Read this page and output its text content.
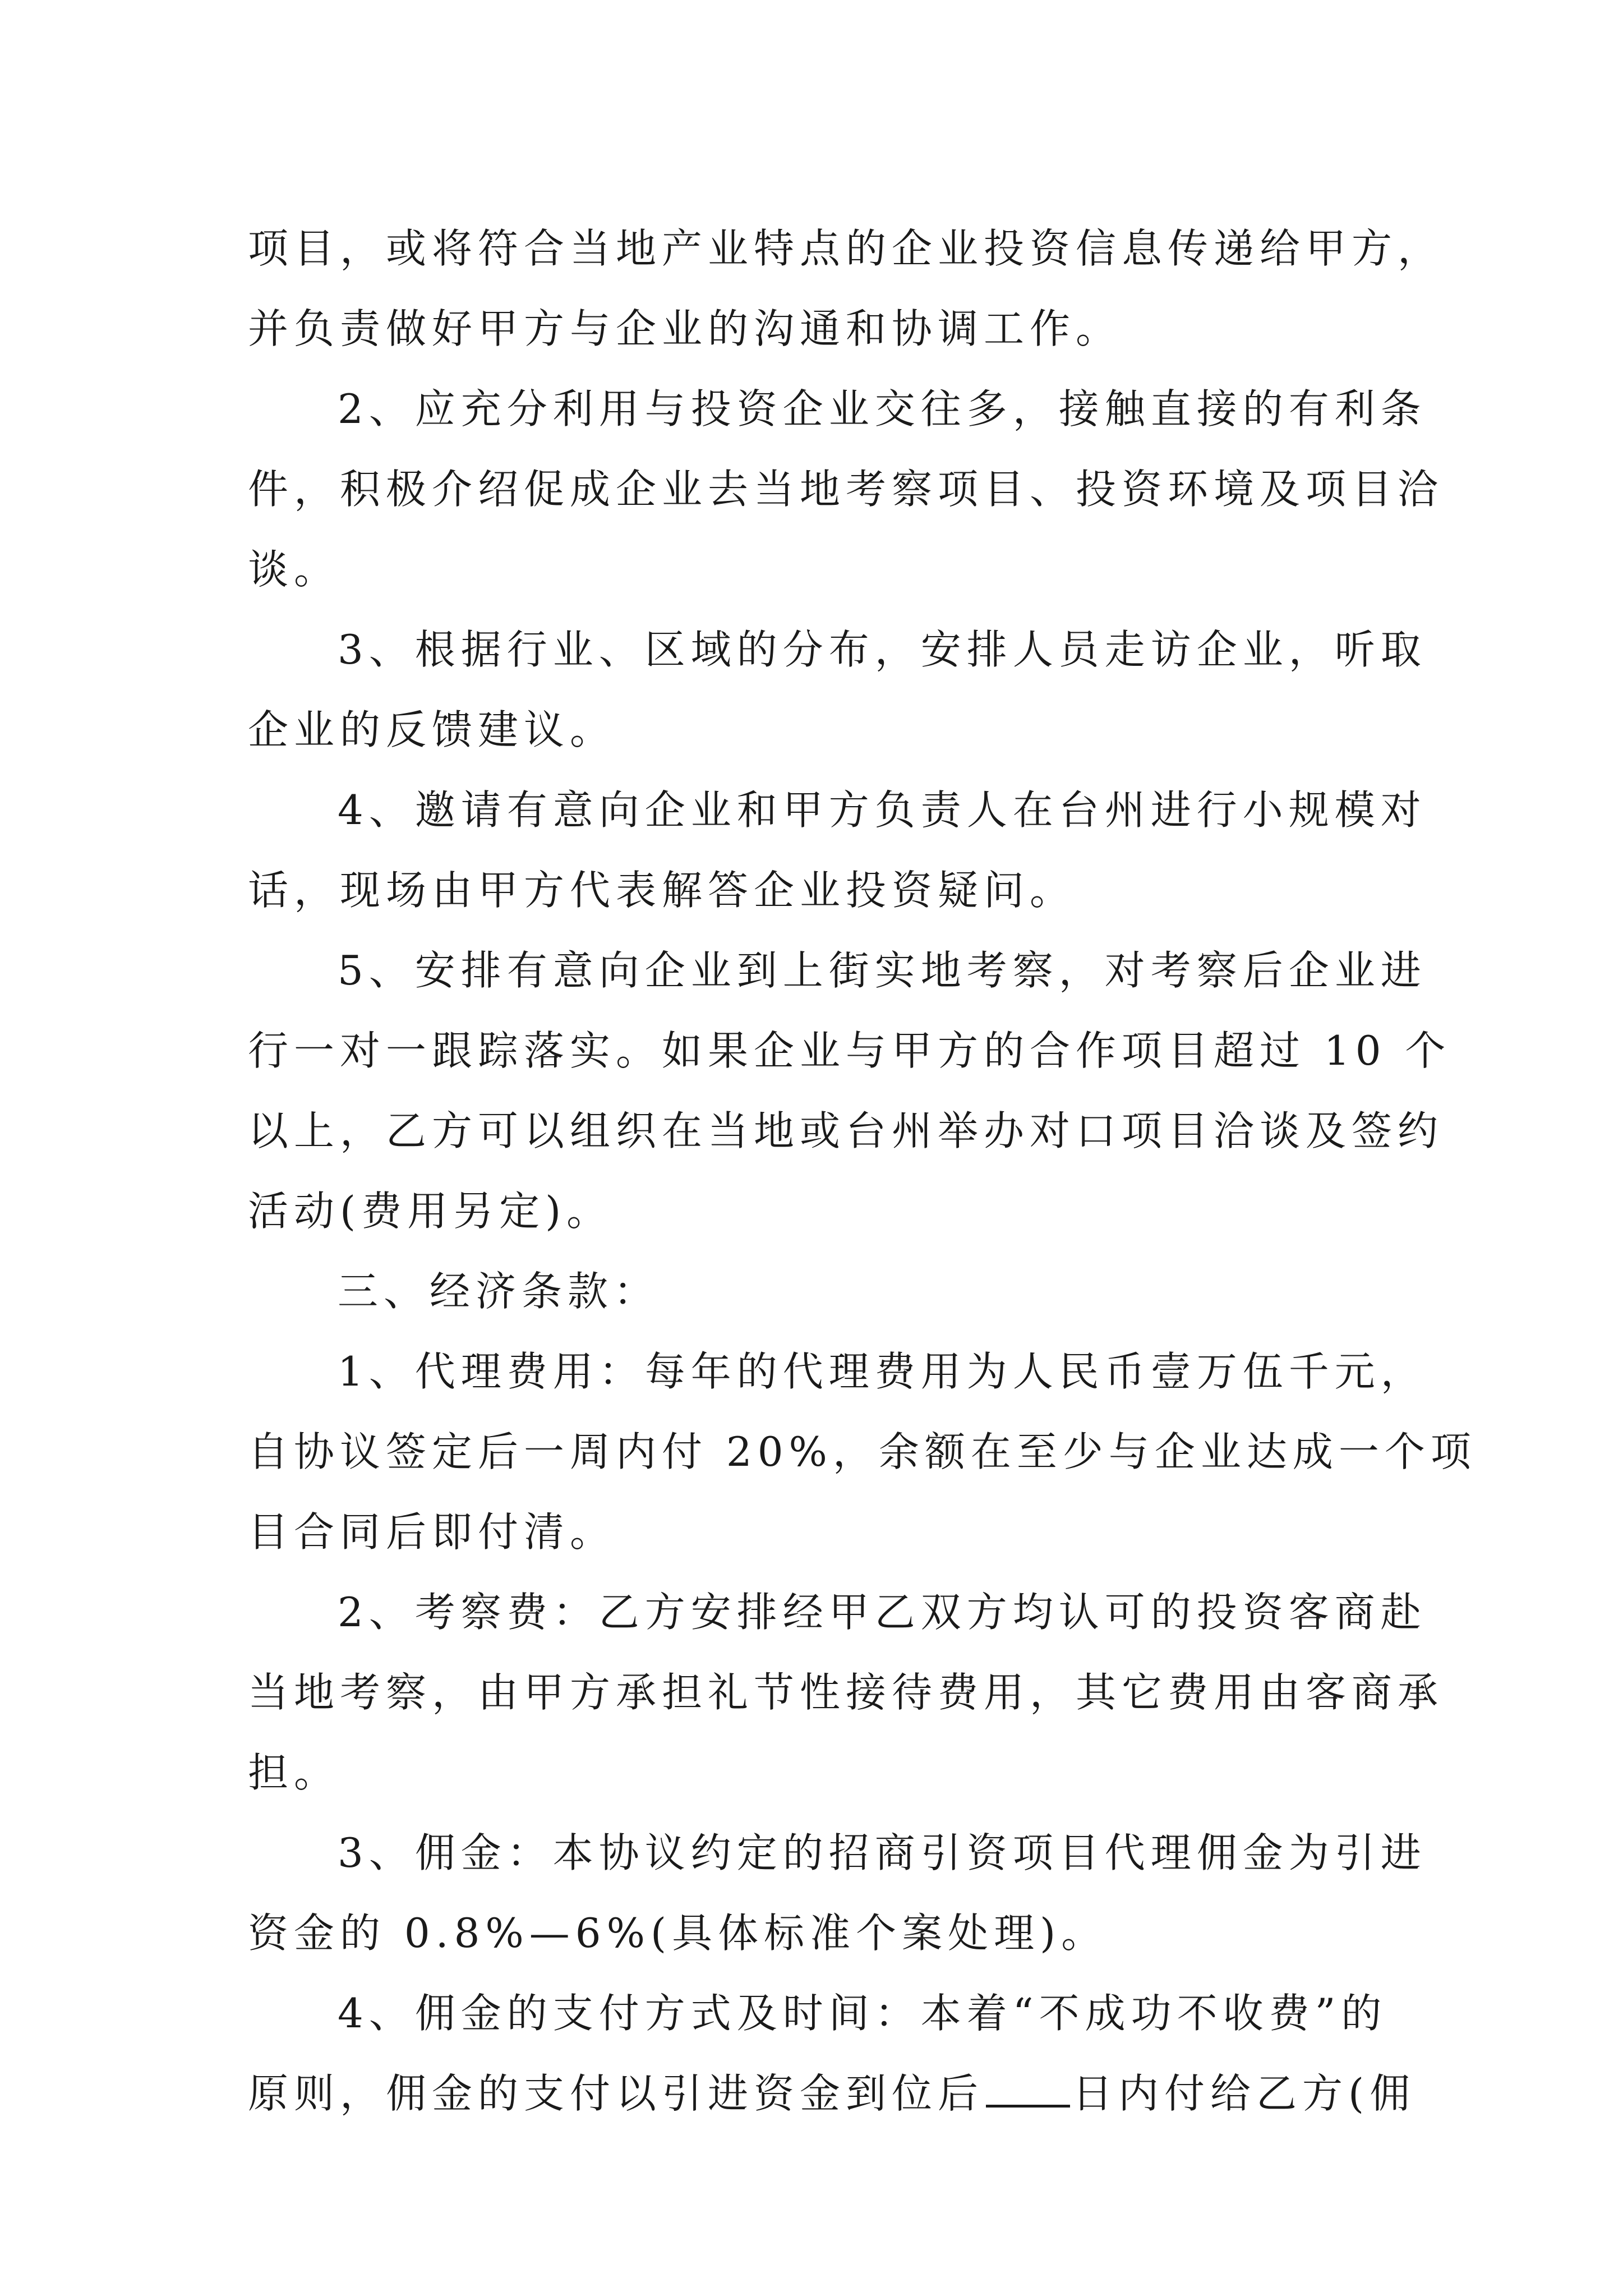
项目，或将符合当地产业特点的企业投资信息传递给甲方，
并负责做好甲方与企业的沟通和协调工作。
2、应充分利用与投资企业交往多，接触直接的有利条
件，积极介绍促成企业去当地考察项目、投资环境及项目洽
谈。
3、根据行业、区域的分布，安排人员走访企业，听取
企业的反馈建议。
4、邀请有意向企业和甲方负责人在台州进行小规模对
话，现场由甲方代表解答企业投资疑问。
5、安排有意向企业到上街实地考察，对考察后企业进
行一对一跟踪落实。如果企业与甲方的合作项目超过 10 个
以上，乙方可以组织在当地或台州举办对口项目洽谈及签约
活动(费用另定)。
三、经济条款：
1、代理费用：每年的代理费用为人民币壹万伍千元，
自协议签定后一周内付 20%，余额在至少与企业达成一个项
目合同后即付清。
2、考察费：乙方安排经甲乙双方均认可的投资客商赴
当地考察，由甲方承担礼节性接待费用，其它费用由客商承
担。
3、佣金：本协议约定的招商引资项目代理佣金为引进
资金的 0.8%—6%(具体标准个案处理)。
4、佣金的支付方式及时间：本着“不成功不收费”的
原则，佣金的支付以引进资金到位后 日内付给乙方(佣
